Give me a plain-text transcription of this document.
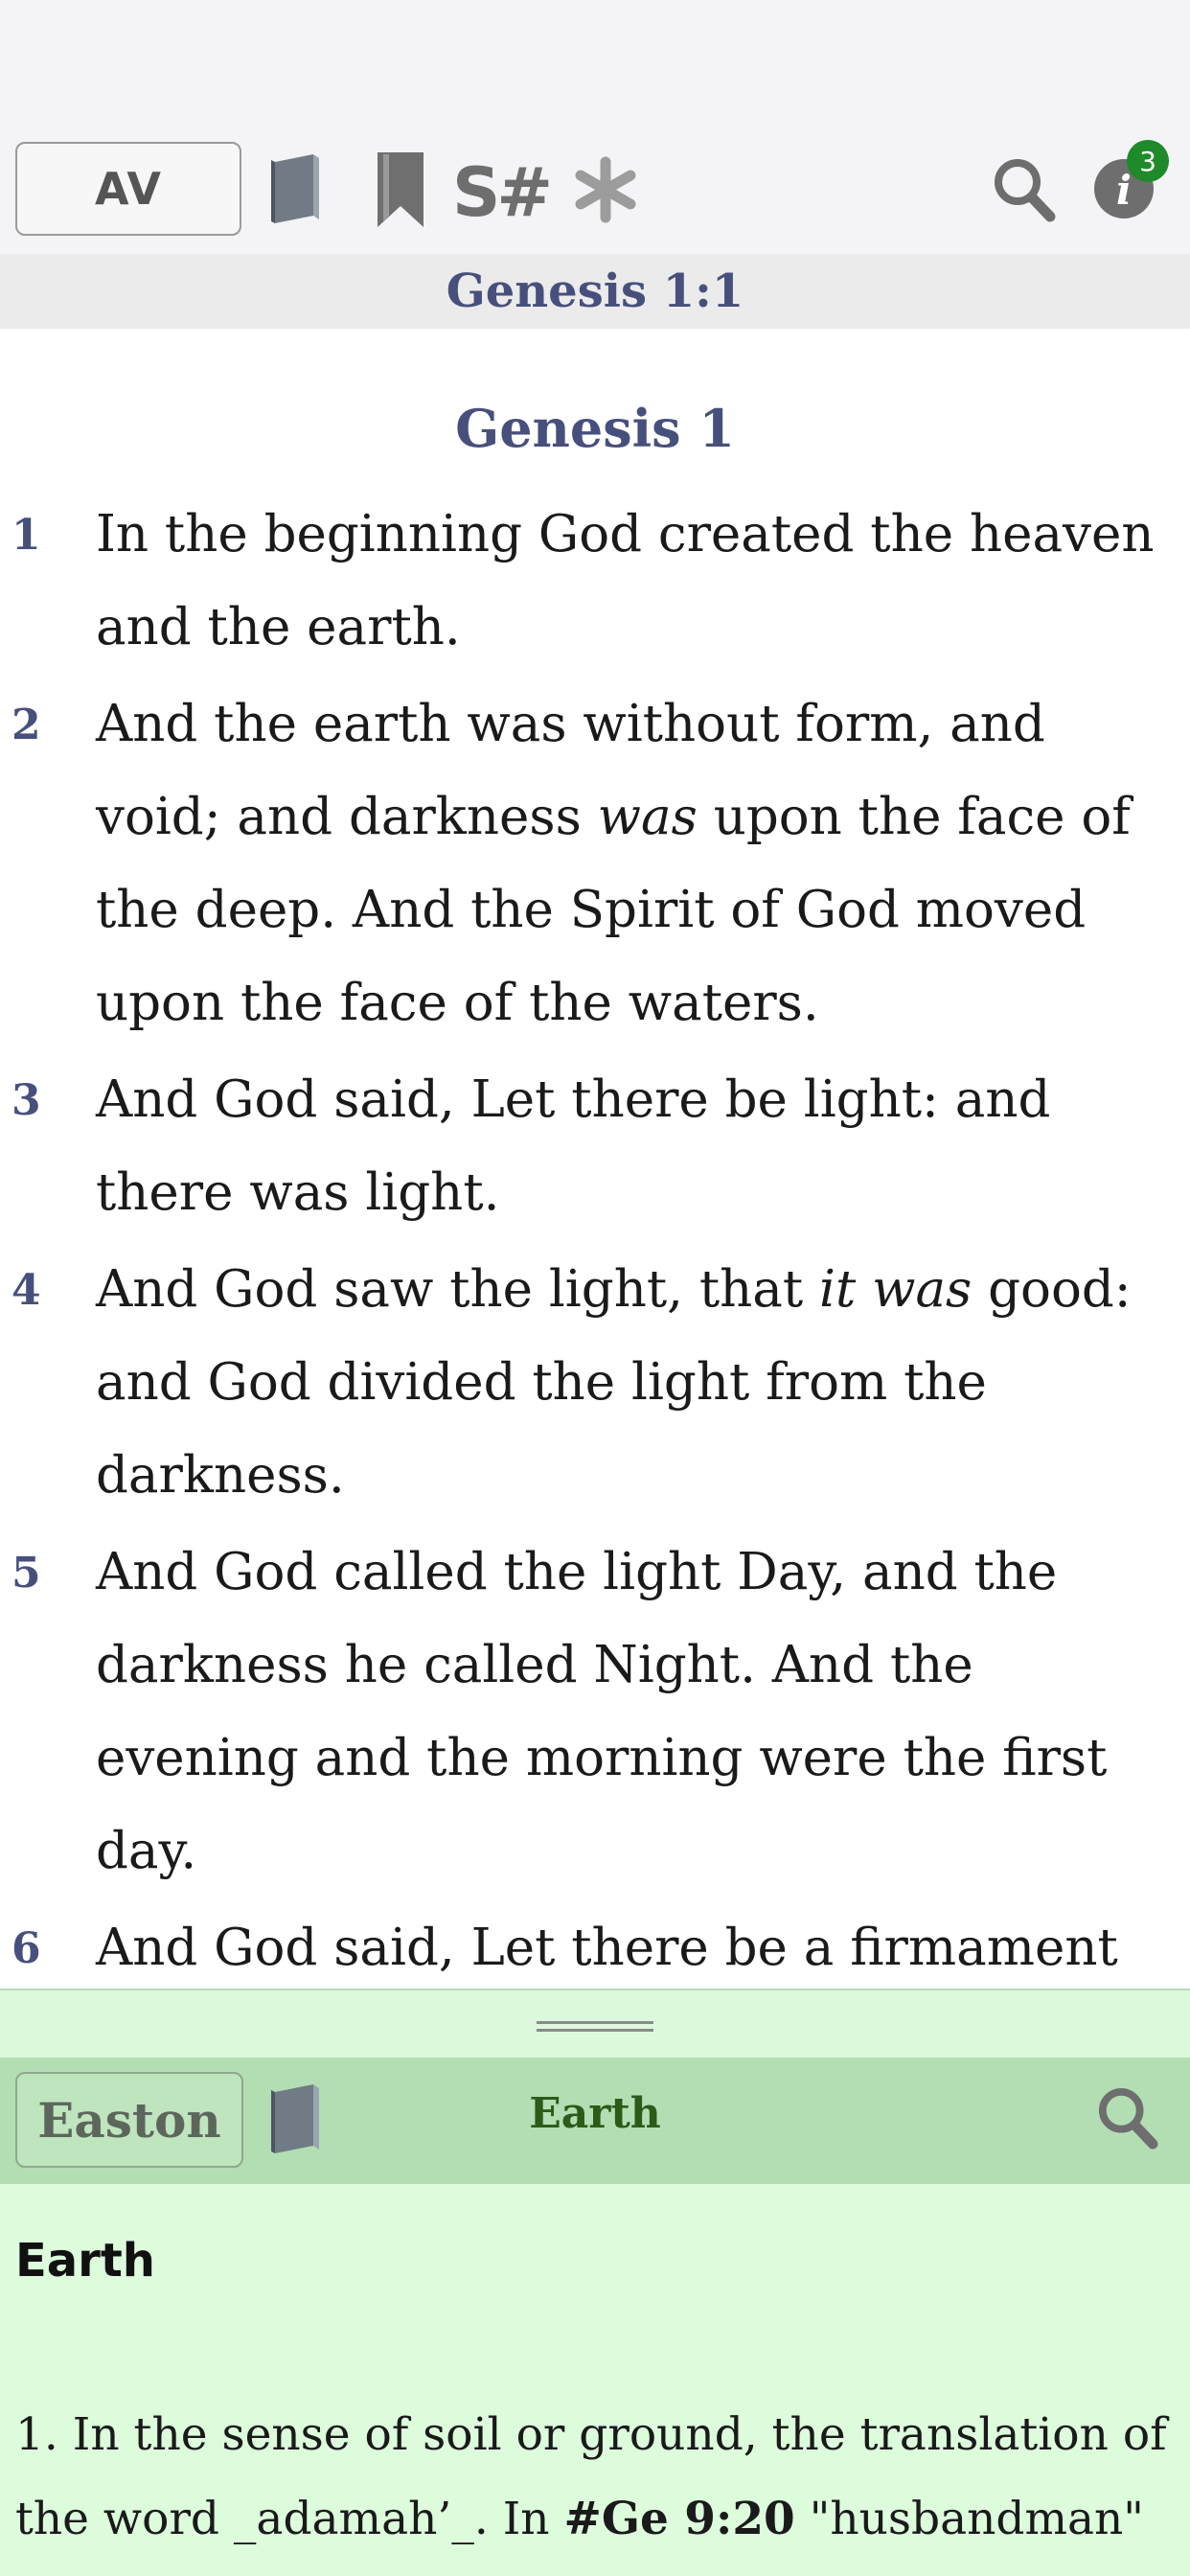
AV	S#	i
3
Genesis 1:1
Genesis 1
1 In the beginning God created the heaven and the earth.
2 And the earth was without form, and void; and darkness was upon the face of the deep. And the Spirit of God moved upon the face of the waters.
3 And God said, Let there be light: and there was light.
4 And God saw the light, that it was good: and God divided the light from the darkness.
5 And God called the light Day, and the darkness he called Night. And the evening and the morning were the first day.
6 And God said, Let there be a firmament
Easton	Earth
Earth
1. In the sense of soil or ground, the translation of the word _adamah’_. In #Ge 9:20 "husbandman"
